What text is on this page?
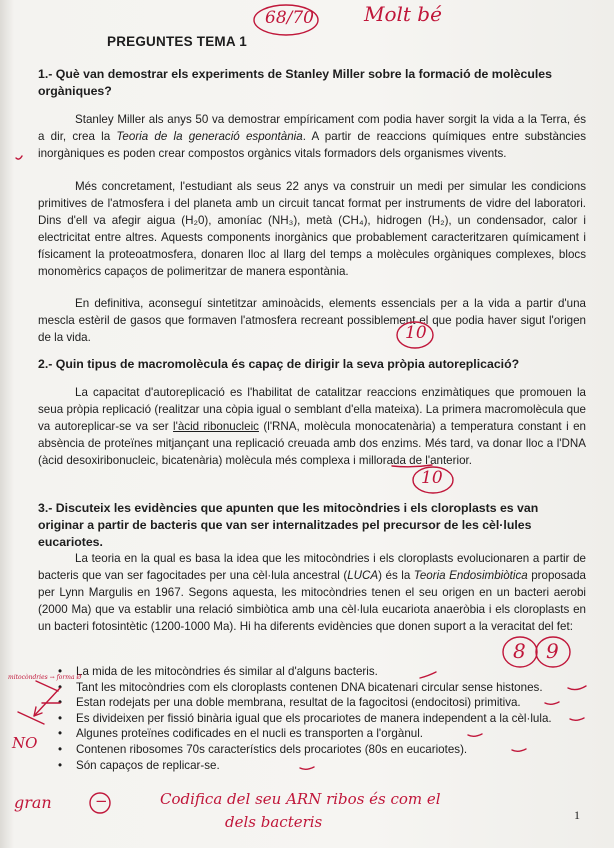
PREGUNTES TEMA 1
1.- Què van demostrar els experiments de Stanley Miller sobre la formació de molècules orgàniques?
Stanley Miller als anys 50 va demostrar empíricament com podia haver sorgit la vida a la Terra, és a dir, crea la Teoria de la generació espontània. A partir de reaccions químiques entre substàncies inorgàniques es poden crear compostos orgànics vitals formadors dels organismes vivents.
Més concretament, l'estudiant als seus 22 anys va construir un medi per simular les condicions primitives de l'atmosfera i del planeta amb un circuit tancat format per instruments de vidre del laboratori. Dins d'ell va afegir aigua (H₂0), amoníac (NH₃), metà (CH₄), hidrogen (H₂), un condensador, calor i electricitat entre altres. Aquests components inorgànics que probablement caracteritzaren químicament i físicament la proteoatmosfera, donaren lloc al llarg del temps a molècules orgàniques complexes, blocs monomèrics capaços de polimeritzar de manera espontània.
En definitiva, aconseguí sintetitzar aminoàcids, elements essencials per a la vida a partir d'una mescla estèril de gasos que formaven l'atmosfera recreant possiblement el que podia haver sigut l'origen de la vida.
2.- Quin tipus de macromolècula és capaç de dirigir la seva pròpia autoreplicació?
La capacitat d'autoreplicació es l'habilitat de catalitzar reaccions enzimàtiques que promouen la seua pròpia replicació (realitzar una còpia igual o semblant d'ella mateixa). La primera macromolècula que va autoreplicar-se va ser l'àcid ribonucleic (l'RNA, molècula monocatenària) a temperatura constant i en absència de proteïnes mitjançant una replicació creuada amb dos enzims. Més tard, va donar lloc a l'DNA (àcid desoxiribonucleic, bicatenària) molècula més complexa i millorada de l'anterior.
3.- Discuteix les evidències que apunten que les mitocòndries i els cloroplasts es van originar a partir de bacteris que van ser internalitzades pel precursor de les cèl·lules eucariotes.
La teoria en la qual es basa la idea que les mitocòndries i els cloroplasts evolucionaren a partir de bacteris que van ser fagocitades per una cèl·lula ancestral (LUCA) és la Teoria Endosimbiòtica proposada per Lynn Margulis en 1967. Segons aquesta, les mitocòndries tenen el seu origen en un bacteri aerobi (2000 Ma) que va establir una relació simbiòtica amb una cèl·lula eucariota anaeròbia i els cloroplasts en un bacteri fotosintètic (1200-1000 Ma). Hi ha diferents evidències que donen suport a la veracitat del fet:
• La mida de les mitocòndries és similar al d'alguns bacteris.
• Tant les mitocòndries com els cloroplasts contenen DNA bicatenari circular sense histones.
• Estan rodejats per una doble membrana, resultat de la fagocitosi (endocitosi) primitiva.
• Es divideixen per fissió binària igual que els procariotes de manera independent a la cèl·lula.
• Algunes proteïnes codificades en el nucli es transporten a l'orgànul.
• Contenen ribosomes 70s característics dels procariotes (80s en eucariotes).
• Són capaços de replicar-se.
1
68/70	Molt bé
10
10
8 9
mitocòndries → forma Ø
NO
gran	−	Codifica del seu ARN ribos és com el
dels bacteris
